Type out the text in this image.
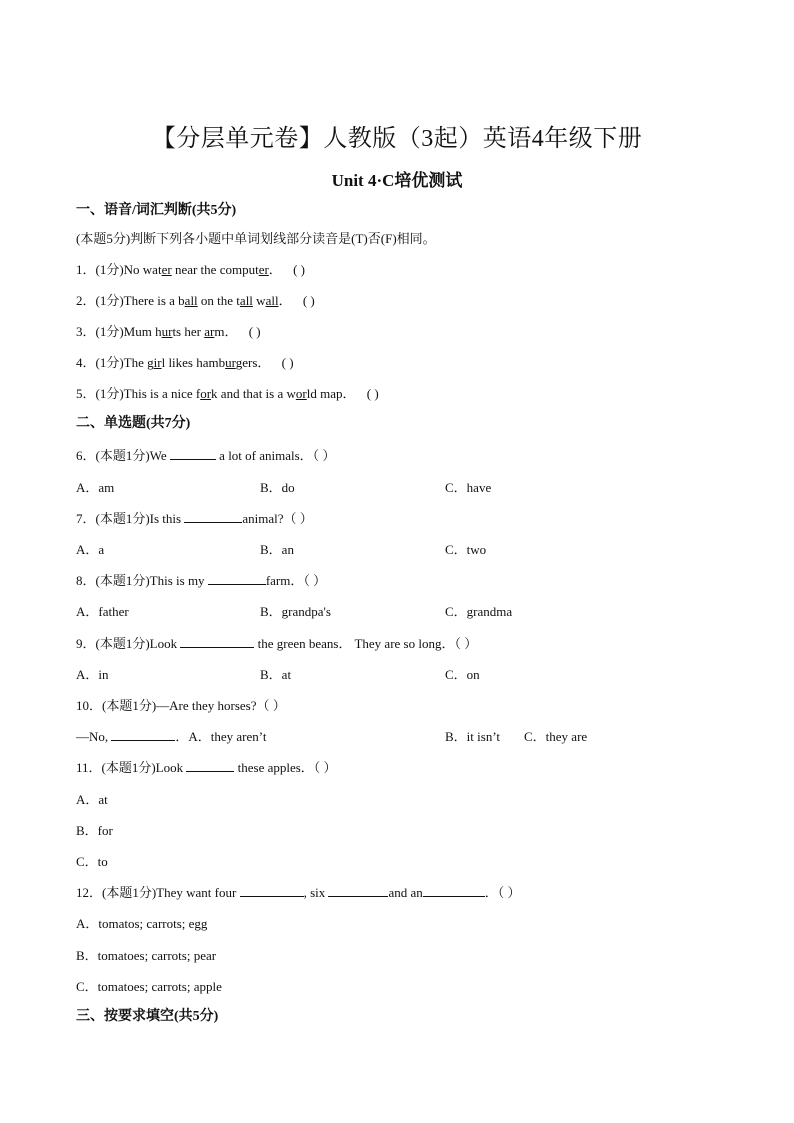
【分层单元卷】人教版（3起）英语4年级下册
Unit 4·C培优测试
一、语音/词汇判断(共5分)
(本题5分)判断下列各小题中单词划线部分读音是(T)否(F)相同。
1．(1分)No water near the computer． ( )
2．(1分)There is a ball on the tall wall． ( )
3．(1分)Mum hurts her arm． ( )
4．(1分)The girl likes hamburgers． ( )
5．(1分)This is a nice fork and that is a world map． ( )
二、单选题(共7分)
6．(本题1分)We	a lot of animals．（ ）
A．am	B．do	C．have
7．(本题1分)Is this	animal?（ ）
A．a	B．an	C．two
8．(本题1分)This is my	farm．（ ）
A．father	B．grandpa's	C．grandma
9．(本题1分)Look	the green beans． They are so long．（ ）
A．in	B．at	C．on
10．(本题1分)—Are they horses?（ ）
—No,	．A．they aren’t	B．it isn’t C．they are
11．(本题1分)Look	these apples．（ ）
A．at
B．for
C．to
12．(本题1分)They want four	, six	and an	．（ ）
A．tomatos; carrots; egg
B．tomatoes; carrots; pear
C．tomatoes; carrots; apple
三、按要求填空(共5分)
